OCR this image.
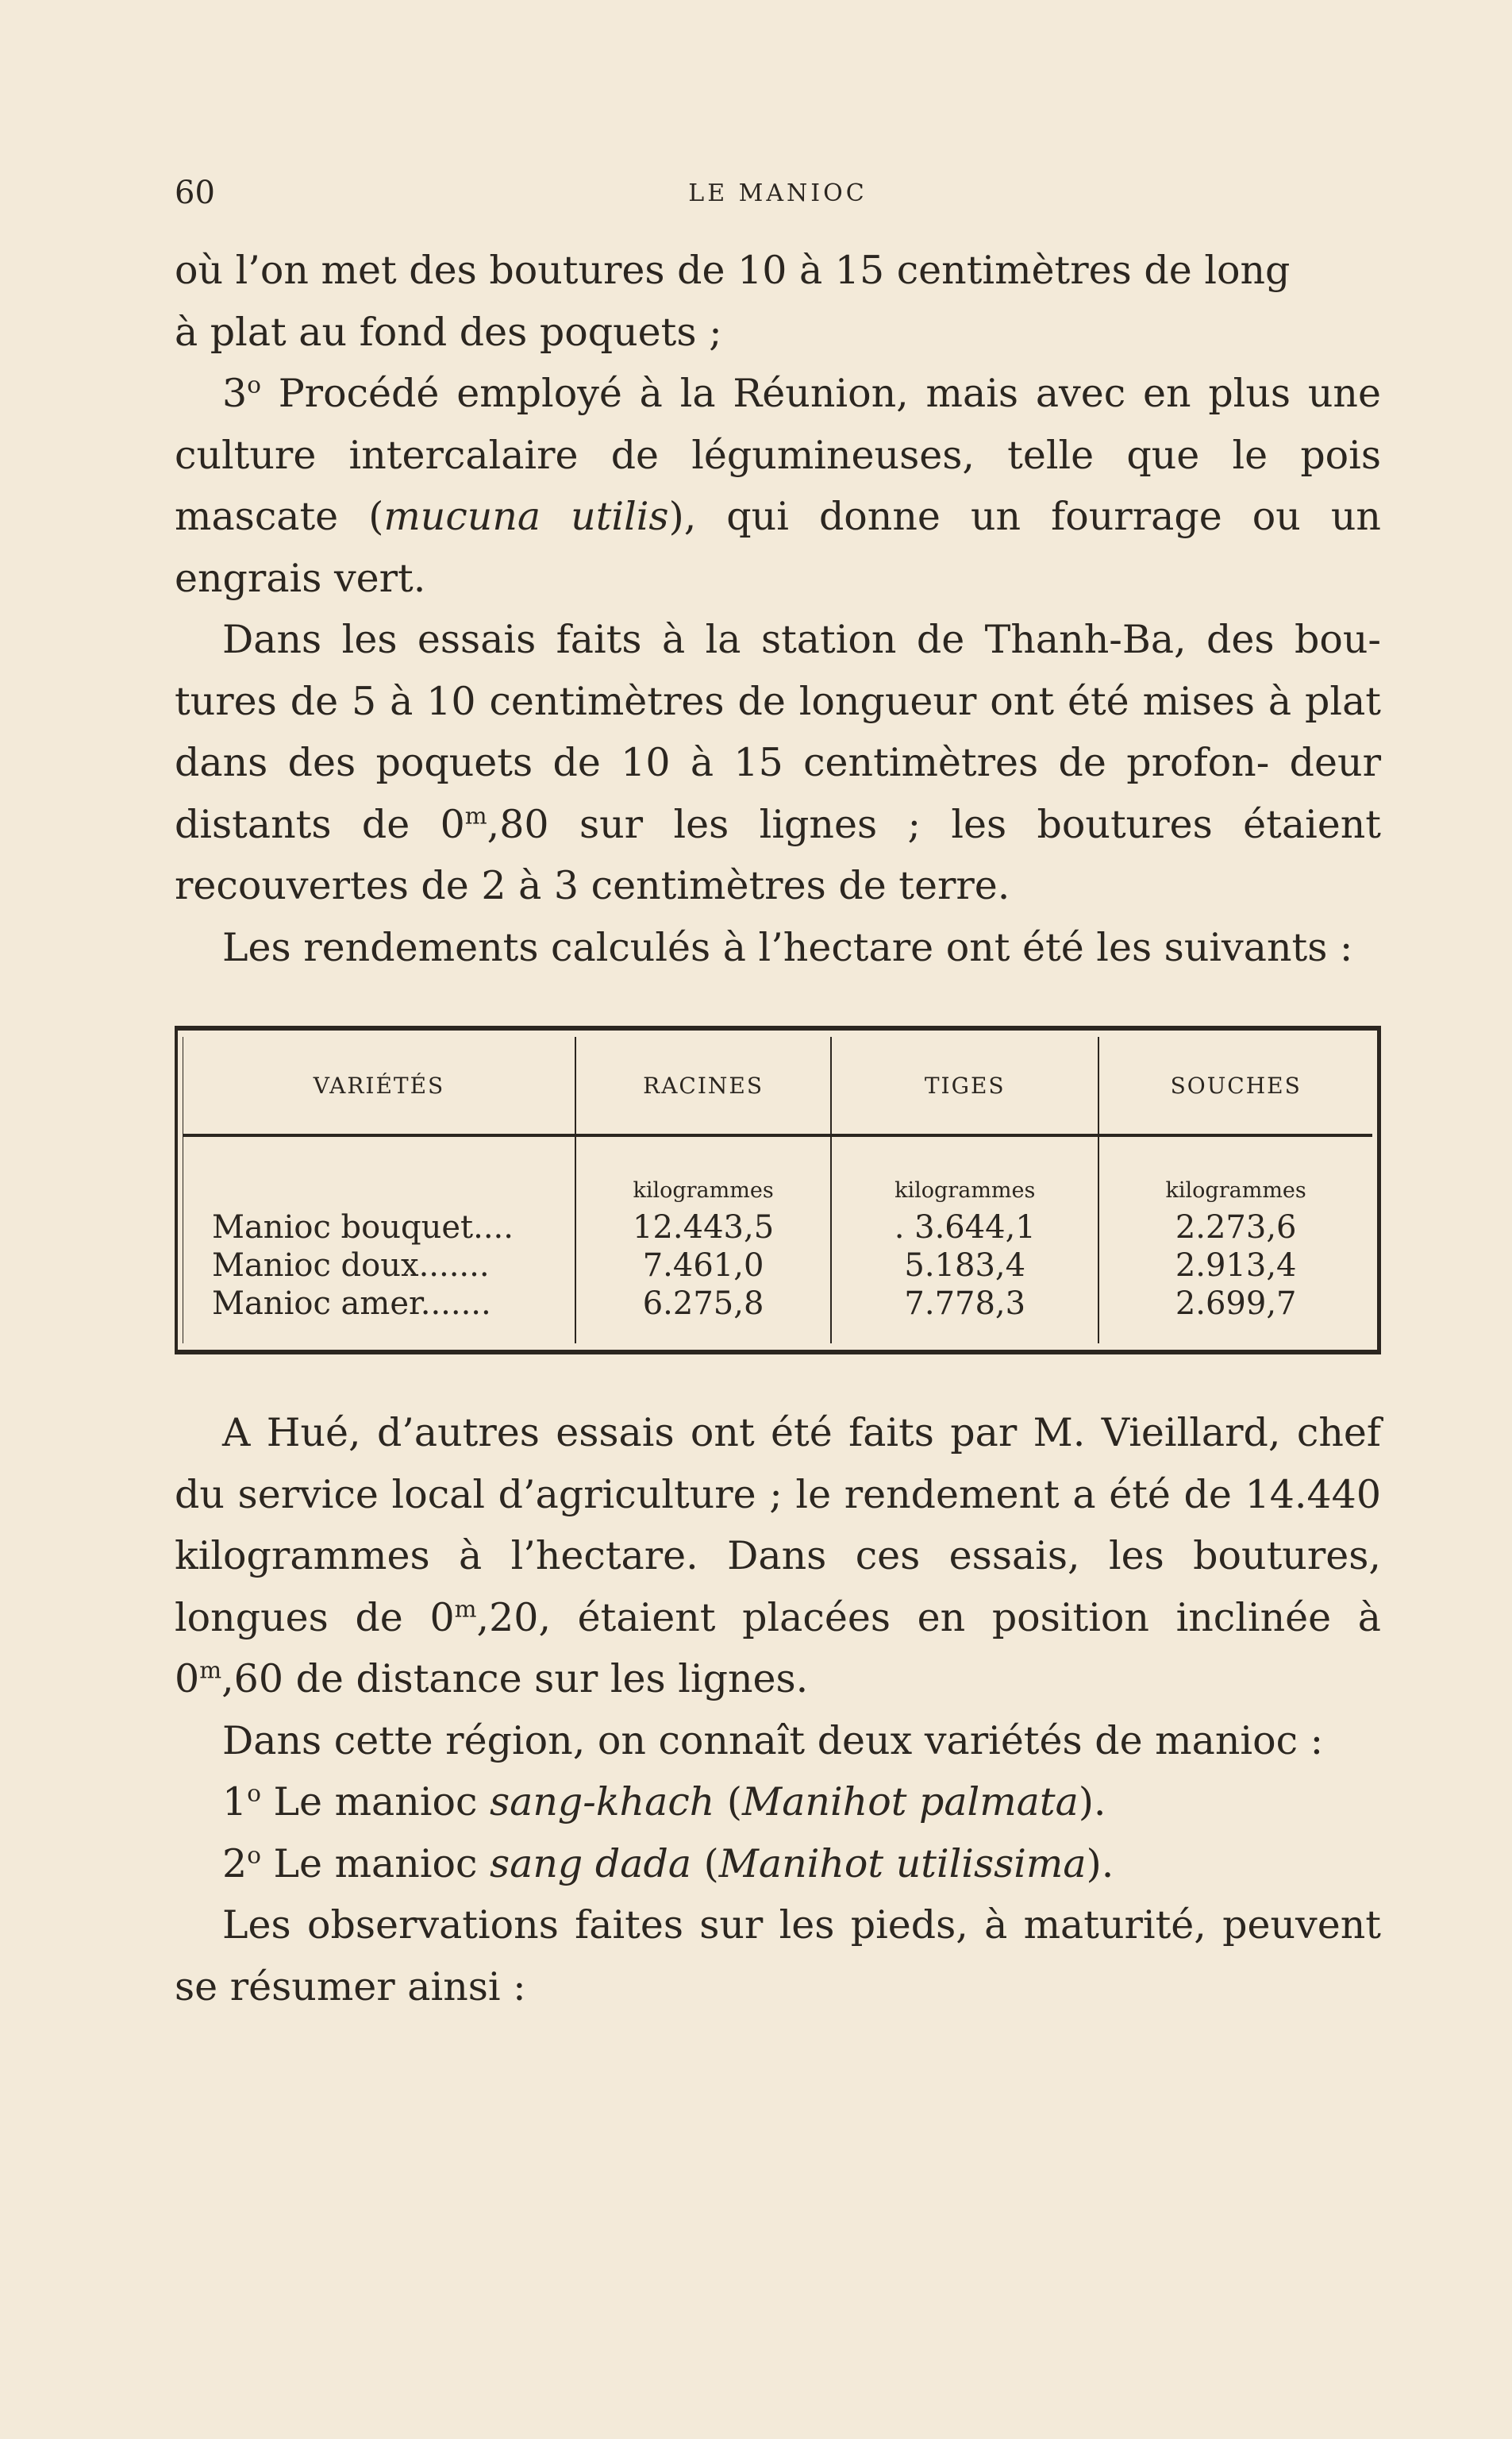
60	LE MANIOC

où l’on met des boutures de 10 à 15 centimètres de long
à plat au fond des poquets ;

3$^o$ Procédé employé à la Réunion, mais avec en plus une culture intercalaire de légumineuses, telle que le pois mascate (mucuna utilis), qui donne un fourrage ou un engrais vert.

Dans les essais faits à la station de Thanh-Ba, des bou- tures de 5 à 10 centimètres de longueur ont été mises à plat dans des poquets de 10 à 15 centimètres de profon- deur distants de 0$^m$,80 sur les lignes ; les boutures étaient recouvertes de 2 à 3 centimètres de terre.

Les rendements calculés à l’hectare ont été les suivants :

VARIÉTÉS	RACINES	TIGES	SOUCHES
	kilogrammes	kilogrammes	kilogrammes
Manioc bouquet....	12.443,5	. 3.644,1	2.273,6
Manioc doux.......	7.461,0	5.183,4	2.913,4
Manioc amer.......	6.275,8	7.778,3	2.699,7

A Hué, d’autres essais ont été faits par M. Vieillard, chef du service local d’agriculture ; le rendement a été de 14.440 kilogrammes à l’hectare. Dans ces essais, les boutures, longues de 0$^m$,20, étaient placées en position inclinée à 0$^m$,60 de distance sur les lignes.

Dans cette région, on connaît deux variétés de manioc :

1$^o$ Le manioc sang-khach (Manihot palmata).

2$^o$ Le manioc sang dada (Manihot utilissima).

Les observations faites sur les pieds, à maturité, peuvent se résumer ainsi :
